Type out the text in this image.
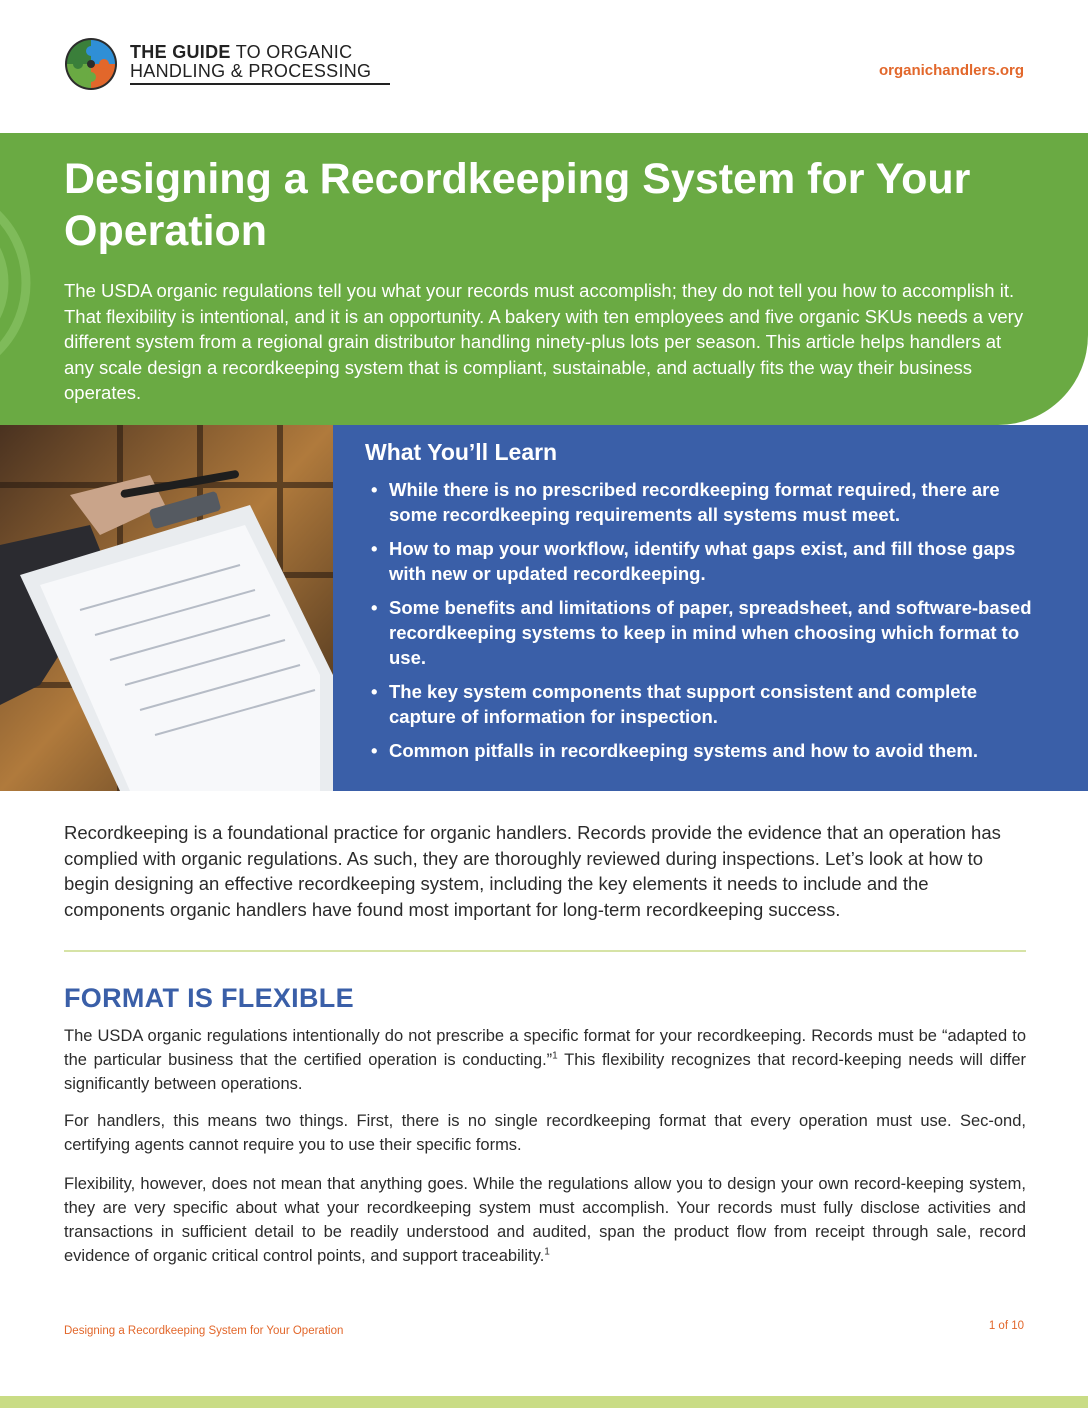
THE GUIDE TO ORGANIC
HANDLING & PROCESSING	organichandlers.org
Designing a Recordkeeping System for Your Operation

The USDA organic regulations tell you what your records must accomplish; they do not tell you how to accomplish it. That flexibility is intentional, and it is an opportunity. A bakery with ten employees and five organic SKUs needs a very different system from a regional grain distributor handling ninety-plus lots per season. This article helps handlers at any scale design a recordkeeping system that is compliant, sustainable, and actually fits the way their business operates.

What You’ll Learn
• While there is no prescribed recordkeeping format required, there are some recordkeeping requirements all systems must meet.
• How to map your workflow, identify what gaps exist, and fill those gaps with new or updated recordkeeping.
• Some benefits and limitations of paper, spreadsheet, and software-based recordkeeping systems to keep in mind when choosing which format to use.
• The key system components that support consistent and complete capture of information for inspection.
• Common pitfalls in recordkeeping systems and how to avoid them.

Recordkeeping is a foundational practice for organic handlers. Records provide the evidence that an operation has complied with organic regulations. As such, they are thoroughly reviewed during inspections. Let’s look at how to begin designing an effective recordkeeping system, including the key elements it needs to include and the components organic handlers have found most important for long-term recordkeeping success.

FORMAT IS FLEXIBLE

The USDA organic regulations intentionally do not prescribe a specific format for your recordkeeping. Records must be “adapted to the particular business that the certified operation is conducting.”$^1$ This flexibility recognizes that record-keeping needs will differ significantly between operations.

For handlers, this means two things. First, there is no single recordkeeping format that every operation must use. Sec-ond, certifying agents cannot require you to use their specific forms.

Flexibility, however, does not mean that anything goes. While the regulations allow you to design your own record-keeping system, they are very specific about what your recordkeeping system must accomplish. Your records must fully disclose activities and transactions in sufficient detail to be readily understood and audited, span the product flow from receipt through sale, record evidence of organic critical control points, and support traceability.$^1$

Designing a Recordkeeping System for Your Operation	1 of 10
